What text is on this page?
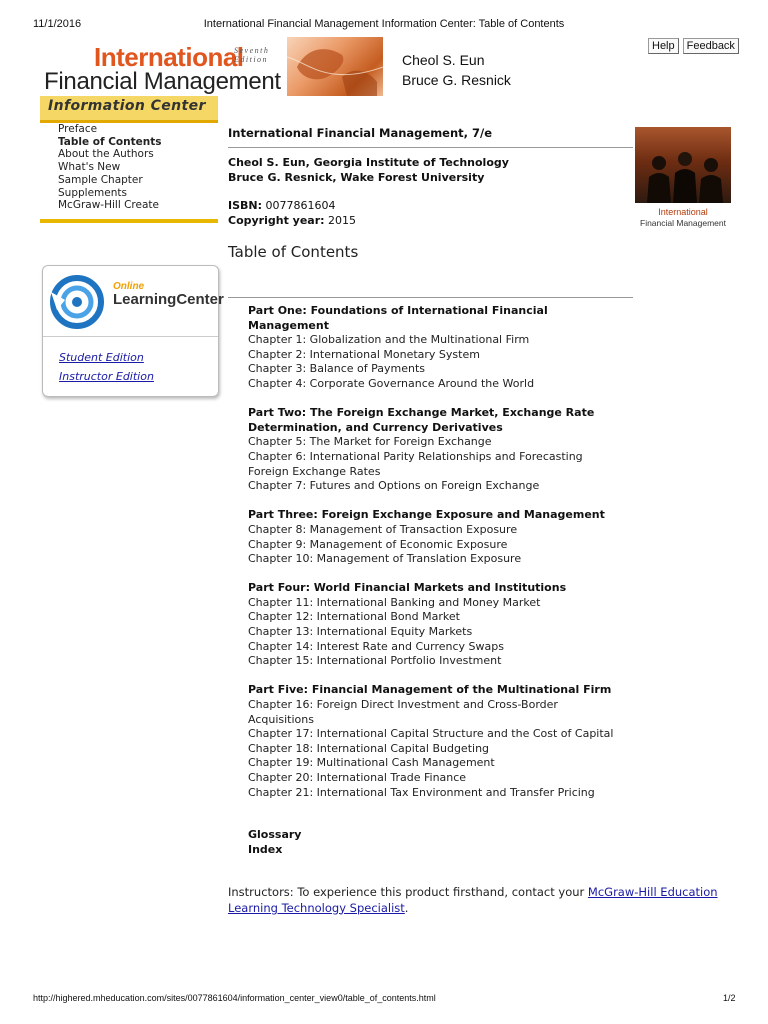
11/1/2016	International Financial Management Information Center: Table of Contents
International
Seventh Edition
Financial Management
Cheol S. Eun
Bruce G. Resnick
Help	Feedback
Information Center
Preface
Table of Contents
About the Authors
What's New
Sample Chapter
Supplements
McGraw-Hill Create
Online
LearningCenter
Student Edition
Instructor Edition
International Financial Management, 7/e
Cheol S. Eun, Georgia Institute of Technology
Bruce G. Resnick, Wake Forest University
ISBN: 0077861604
Copyright year: 2015
Table of Contents
International
Financial Management
Part One: Foundations of International Financial
Management
Chapter 1: Globalization and the Multinational Firm
Chapter 2: International Monetary System
Chapter 3: Balance of Payments
Chapter 4: Corporate Governance Around the World
Part Two: The Foreign Exchange Market, Exchange Rate
Determination, and Currency Derivatives
Chapter 5: The Market for Foreign Exchange
Chapter 6: International Parity Relationships and Forecasting
Foreign Exchange Rates
Chapter 7: Futures and Options on Foreign Exchange
Part Three: Foreign Exchange Exposure and Management
Chapter 8: Management of Transaction Exposure
Chapter 9: Management of Economic Exposure
Chapter 10: Management of Translation Exposure
Part Four: World Financial Markets and Institutions
Chapter 11: International Banking and Money Market
Chapter 12: International Bond Market
Chapter 13: International Equity Markets
Chapter 14: Interest Rate and Currency Swaps
Chapter 15: International Portfolio Investment
Part Five: Financial Management of the Multinational Firm
Chapter 16: Foreign Direct Investment and Cross-Border
Acquisitions
Chapter 17: International Capital Structure and the Cost of Capital
Chapter 18: International Capital Budgeting
Chapter 19: Multinational Cash Management
Chapter 20: International Trade Finance
Chapter 21: International Tax Environment and Transfer Pricing
Glossary
Index
Instructors: To experience this product firsthand, contact your McGraw-Hill Education Learning Technology Specialist.
http://highered.mheducation.com/sites/0077861604/information_center_view0/table_of_contents.html	1/2
